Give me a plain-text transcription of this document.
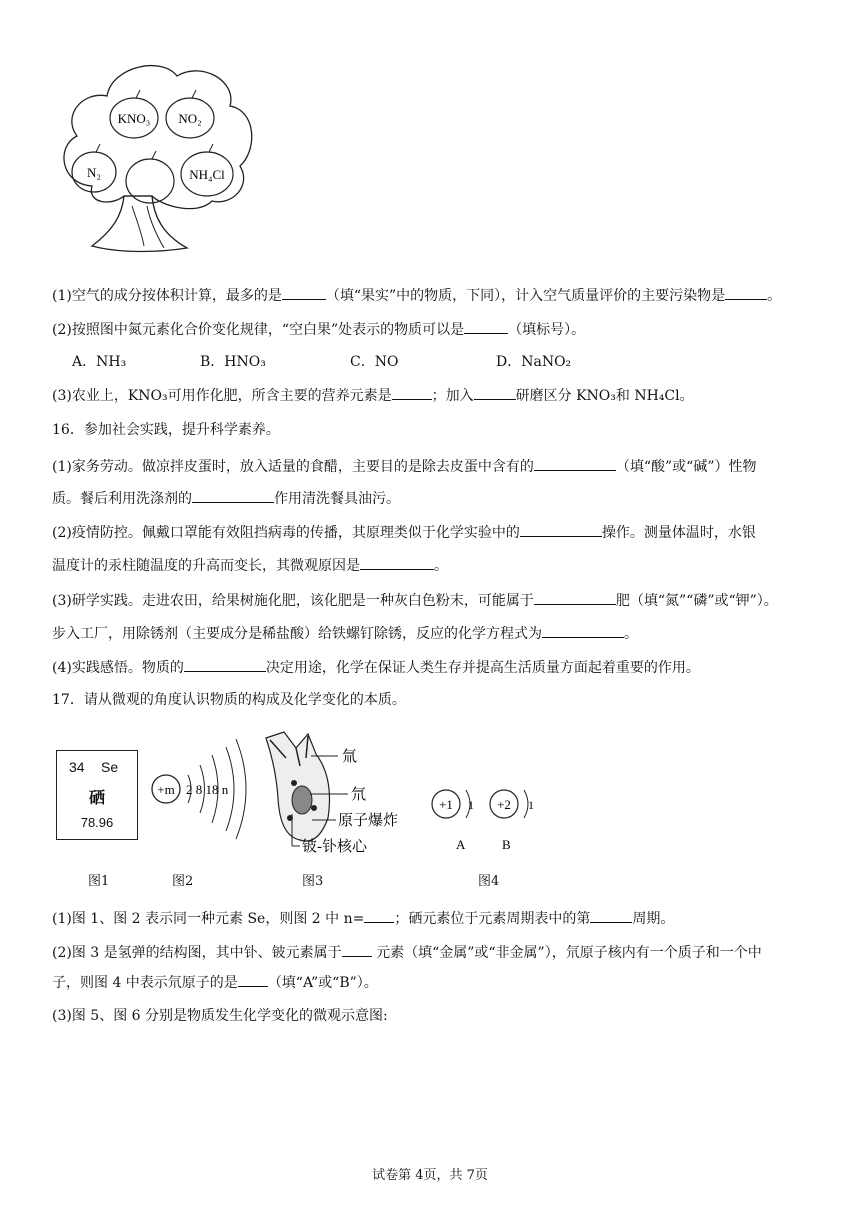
KNO₃ NO₂
N₂	NH₄Cl
(1)空气的成分按体积计算，最多的是	（填“果实”中的物质，下同），计入空气质量评价的主要污染物是	。
(2)按照图中氮元素化合价变化规律，“空白果”处表示的物质可以是	（填标号）。
A．NH₃	B．HNO₃	C．NO	D．NaNO₂
(3)农业上，KNO₃可用作化肥，所含主要的营养元素是	；加入	研磨区分 KNO₃和 NH₄Cl。
16．参加社会实践，提升科学素养。
(1)家务劳动。做凉拌皮蛋时，放入适量的食醋，主要目的是除去皮蛋中含有的	（填“酸”或“碱”）性物
质。餐后利用洗涤剂的	作用清洗餐具油污。
(2)疫情防控。佩戴口罩能有效阻挡病毒的传播，其原理类似于化学实验中的	操作。测量体温时，水银
温度计的汞柱随温度的升高而变长，其微观原因是	。
(3)研学实践。走进农田，给果树施化肥，该化肥是一种灰白色粉末，可能属于	肥（填“氮”“磷”或“钾”）。
步入工厂，用除锈剂（主要成分是稀盐酸）给铁螺钉除锈，反应的化学方程式为	。
(4)实践感悟。物质的	决定用途，化学在保证人类生存并提高生活质量方面起着重要的作用。
17．请从微观的角度认识物质的构成及化学变化的本质。
34 Se
硒
78.96
+m 2 8 18 n
氚
氘
原子爆炸
铍-钋核心
+1 1 +2 1
A	B
图1	图2	图3	图4
(1)图 1、图 2 表示同一种元素 Se，则图 2 中 n= ；硒元素位于元素周期表中的第	周期。
(2)图 3 是氢弹的结构图，其中钋、铍元素属于 元素（填“金属”或“非金属”），氘原子核内有一个质子和一个中
子，则图 4 中表示氘原子的是 （填“A”或“B”）。
(3)图 5、图 6 分别是物质发生化学变化的微观示意图:
试卷第 4页，共 7页
